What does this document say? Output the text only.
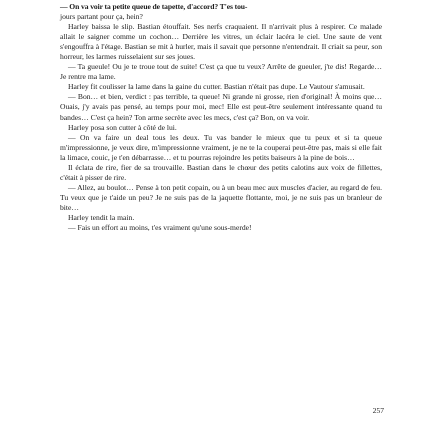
— On va voir ta petite queue de tapette, d'accord? T'es tou-

jours partant pour ça, hein?

Harley baissa le slip. Bastian étouffait. Ses nerfs craquaient. Il n'arrivait plus à respirer. Ce malade allait le saigner comme un cochon… Derrière les vitres, un éclair lacéra le ciel. Une saute de vent s'engouffra à l'étage. Bastian se mit à hurler, mais il savait que personne n'entendrait. Il criait sa peur, son horreur, les larmes ruisselaient sur ses joues.

— Ta gueule! Ou je te troue tout de suite! C'est ça que tu veux? Arrête de gueuler, j'te dis! Regarde… Je rentre ma lame.

Harley fit coulisser la lame dans la gaine du cutter. Bastian n'était pas dupe. Le Vautour s'amusait.

— Bon… et bien, verdict : pas terrible, ta queue! Ni grande ni grosse, rien d'original! À moins que… Ouais, j'y avais pas pensé, au temps pour moi, mec! Elle est peut-être seulement intéressante quand tu bandes… C'est ça hein? Ton arme secrète avec les mecs, c'est ça? Bon, on va voir.

Harley posa son cutter à côté de lui.

— On va faire un deal tous les deux. Tu vas bander le mieux que tu peux et si ta queue m'impressionne, je veux dire, m'impressionne vraiment, je ne te la couperai peut-être pas, mais si elle fait la limace, couic, je t'en débarrasse… et tu pourras rejoindre les petits baiseurs à la pine de bois…

Il éclata de rire, fier de sa trouvaille. Bastian dans le chœur des petits calotins aux voix de fillettes, c'était à pisser de rire.

— Allez, au boulot… Pense à ton petit copain, ou à un beau mec aux muscles d'acier, au regard de feu. Tu veux que je t'aide un peu? Je ne suis pas de la jaquette flottante, moi, je ne suis pas un branleur de bite…

Harley tendit la main.

— Fais un effort au moins, t'es vraiment qu'une sous-merde!

257
